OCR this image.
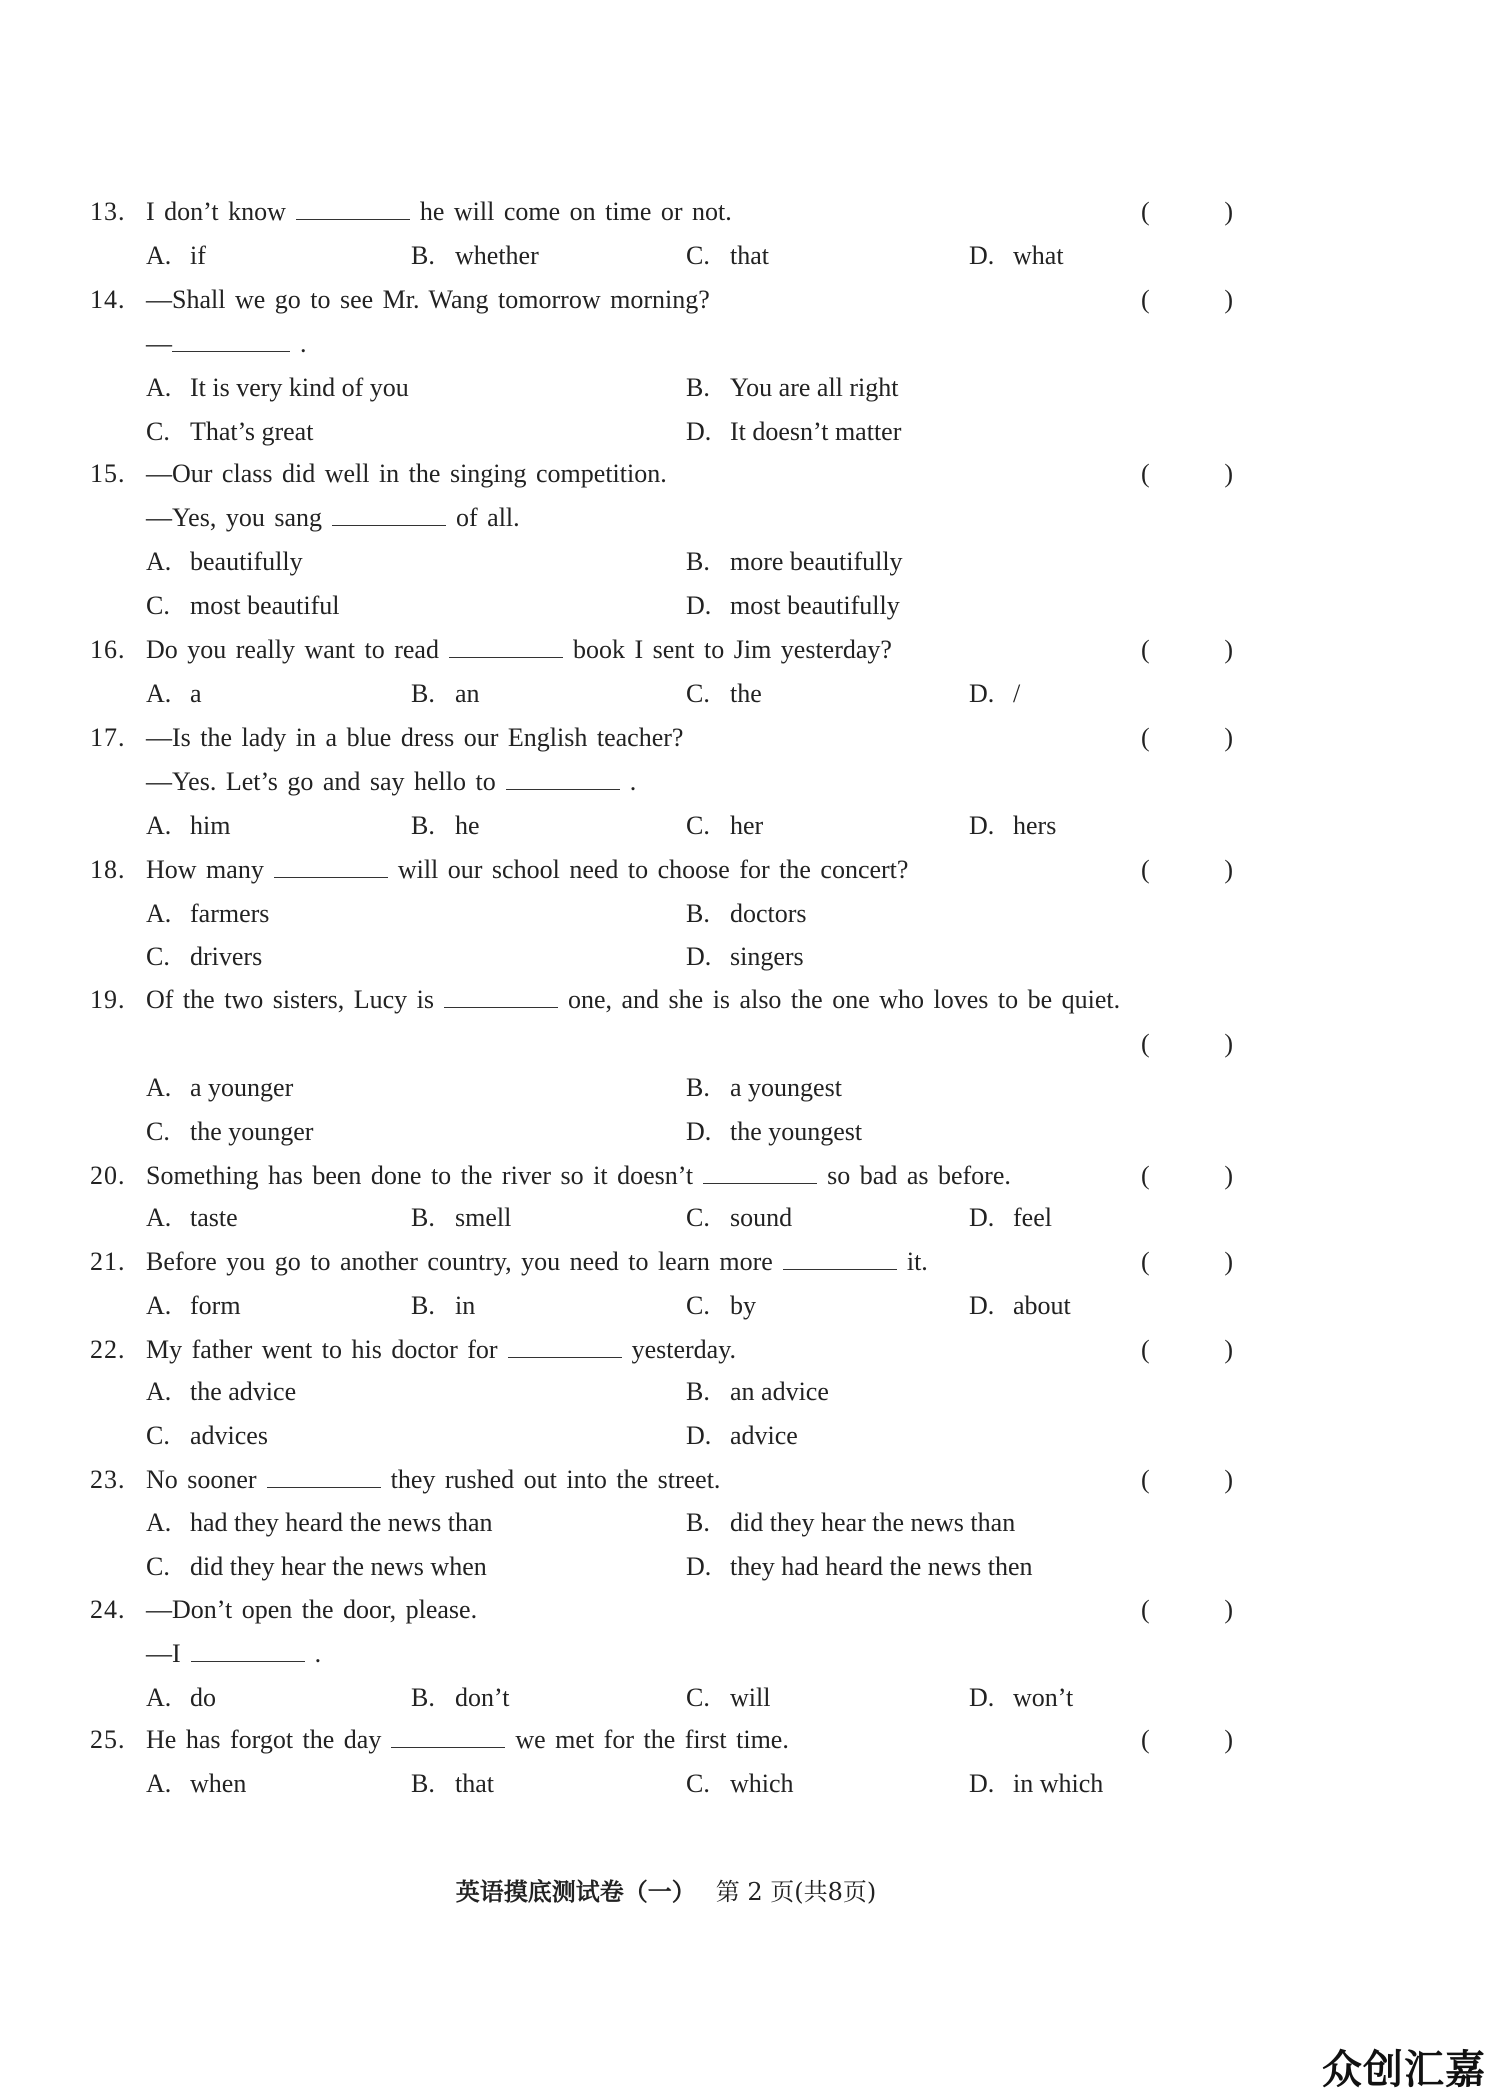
13. I don’t know	he will come on time or not.	(	)
A. if	B. whether	C. that	D. what
14. —Shall we go to see Mr. Wang tomorrow morning?	(	)
—	.
A. It is very kind of you	B. You are all right
C. That’s great	D. It doesn’t matter
15. —Our class did well in the singing competition.	(	)
—Yes, you sang	of all.
A. beautifully	B. more beautifully
C. most beautiful	D. most beautifully
16. Do you really want to read	book I sent to Jim yesterday?	(	)
A. a	B. an	C. the	D. /
17. —Is the lady in a blue dress our English teacher?	(	)
—Yes. Let’s go and say hello to	.
A. him	B. he	C. her	D. hers
18. How many	will our school need to choose for the concert?	(	)
A. farmers	B. doctors
C. drivers	D. singers
19. Of the two sisters, Lucy is	one, and she is also the one who loves to be quiet.
(	)
A. a younger	B. a youngest
C. the younger	D. the youngest
20. Something has been done to the river so it doesn’t	so bad as before.	(	)
A. taste	B. smell	C. sound	D. feel
21. Before you go to another country, you need to learn more	it.	(	)
A. form	B. in	C. by	D. about
22. My father went to his doctor for	yesterday.	(	)
A. the advice	B. an advice
C. advices	D. advice
23. No sooner	they rushed out into the street.	(	)
A. had they heard the news than	B. did they hear the news than
C. did they hear the news when	D. they had heard the news then
24. —Don’t open the door, please.	(	)
—I	.
A. do	B. don’t	C. will	D. won’t
25. He has forgot the day	we met for the first time.	(	)
A. when	B. that	C. which	D. in which
英语摸底测试卷（一） 第 2 页(共8页)
众创汇嘉
